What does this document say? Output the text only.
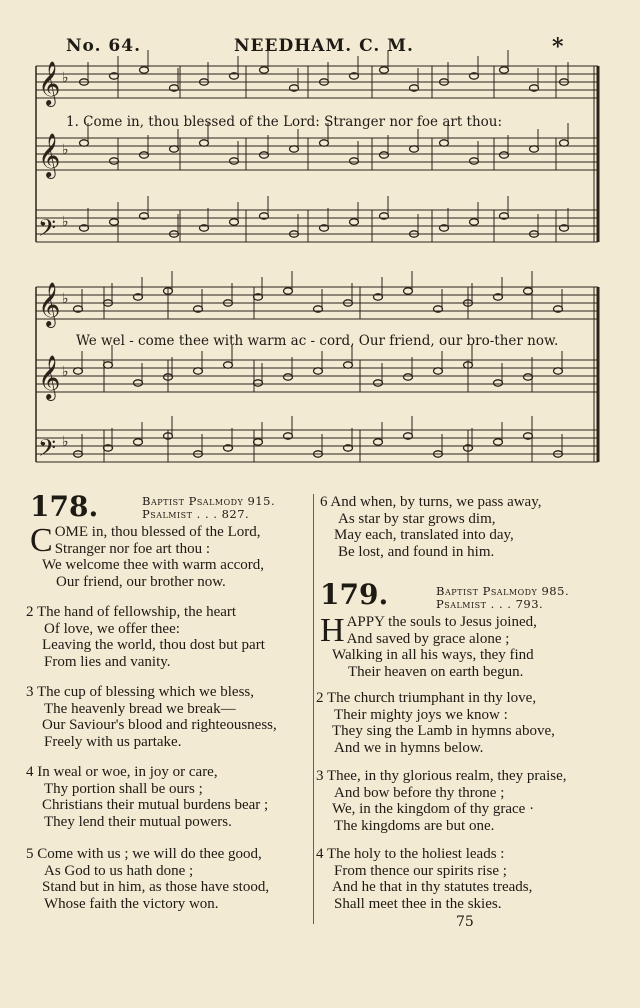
No. 64.	NEEDHAM. C. M.	*
𝄞 ♭
𝄞 ♭
𝄢 ♭
𝄞 ♭
𝄞 ♭
𝄢 ♭
1. Come in, thou blessed of the Lord: Stranger nor foe art thou:
We wel - come thee with warm ac - cord, Our friend, our bro-ther now.
178.	Baptist Psalmody 915.
Psalmist . . . 827.
C OME in, thou blessed of the Lord,
Stranger nor foe art thou :
We welcome thee with warm accord,
Our friend, our brother now.
2 The hand of fellowship, the heart
Of love, we offer thee:
Leaving the world, thou dost but part
From lies and vanity.
3 The cup of blessing which we bless,
The heavenly bread we break—
Our Saviour's blood and righteousness,
Freely with us partake.
4 In weal or woe, in joy or care,
Thy portion shall be ours ;
Christians their mutual burdens bear ;
They lend their mutual powers.
5 Come with us ; we will do thee good,
As God to us hath done ;
Stand but in him, as those have stood,
Whose faith the victory won.
6 And when, by turns, we pass away,
As star by star grows dim,
May each, translated into day,
Be lost, and found in him.
179.	Baptist Psalmody 985.
Psalmist . . . 793.
H APPY the souls to Jesus joined,
And saved by grace alone ;
Walking in all his ways, they find
Their heaven on earth begun.
2 The church triumphant in thy love,
Their mighty joys we know :
They sing the Lamb in hymns above,
And we in hymns below.
3 Thee, in thy glorious realm, they praise,
And bow before thy throne ;
We, in the kingdom of thy grace ·
The kingdoms are but one.
4 The holy to the holiest leads :
From thence our spirits rise ;
And he that in thy statutes treads,
Shall meet thee in the skies.
75
